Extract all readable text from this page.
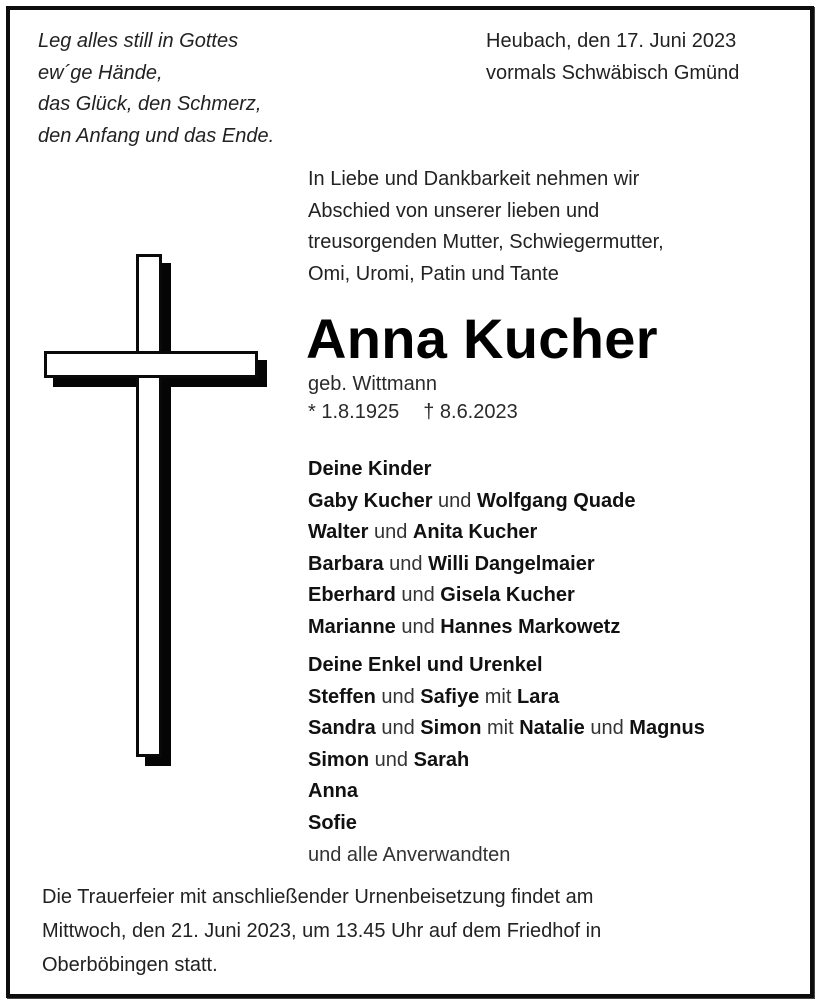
Leg alles still in Gottes
ew´ge Hände,
das Glück, den Schmerz,
den Anfang und das Ende.
Heubach, den 17. Juni 2023
vormals Schwäbisch Gmünd
In Liebe und Dankbarkeit nehmen wir
Abschied von unserer lieben und
treusorgenden Mutter, Schwiegermutter,
Omi, Uromi, Patin und Tante
Anna Kucher
geb. Wittmann
* 1.8.1925 † 8.6.2023
Deine Kinder
Gaby Kucher und Wolfgang Quade
Walter und Anita Kucher
Barbara und Willi Dangelmaier
Eberhard und Gisela Kucher
Marianne und Hannes Markowetz
Deine Enkel und Urenkel
Steffen und Safiye mit Lara
Sandra und Simon mit Natalie und Magnus
Simon und Sarah
Anna
Sofie
und alle Anverwandten
Die Trauerfeier mit anschließender Urnenbeisetzung findet am
Mittwoch, den 21. Juni 2023, um 13.45 Uhr auf dem Friedhof in
Oberböbingen statt.
